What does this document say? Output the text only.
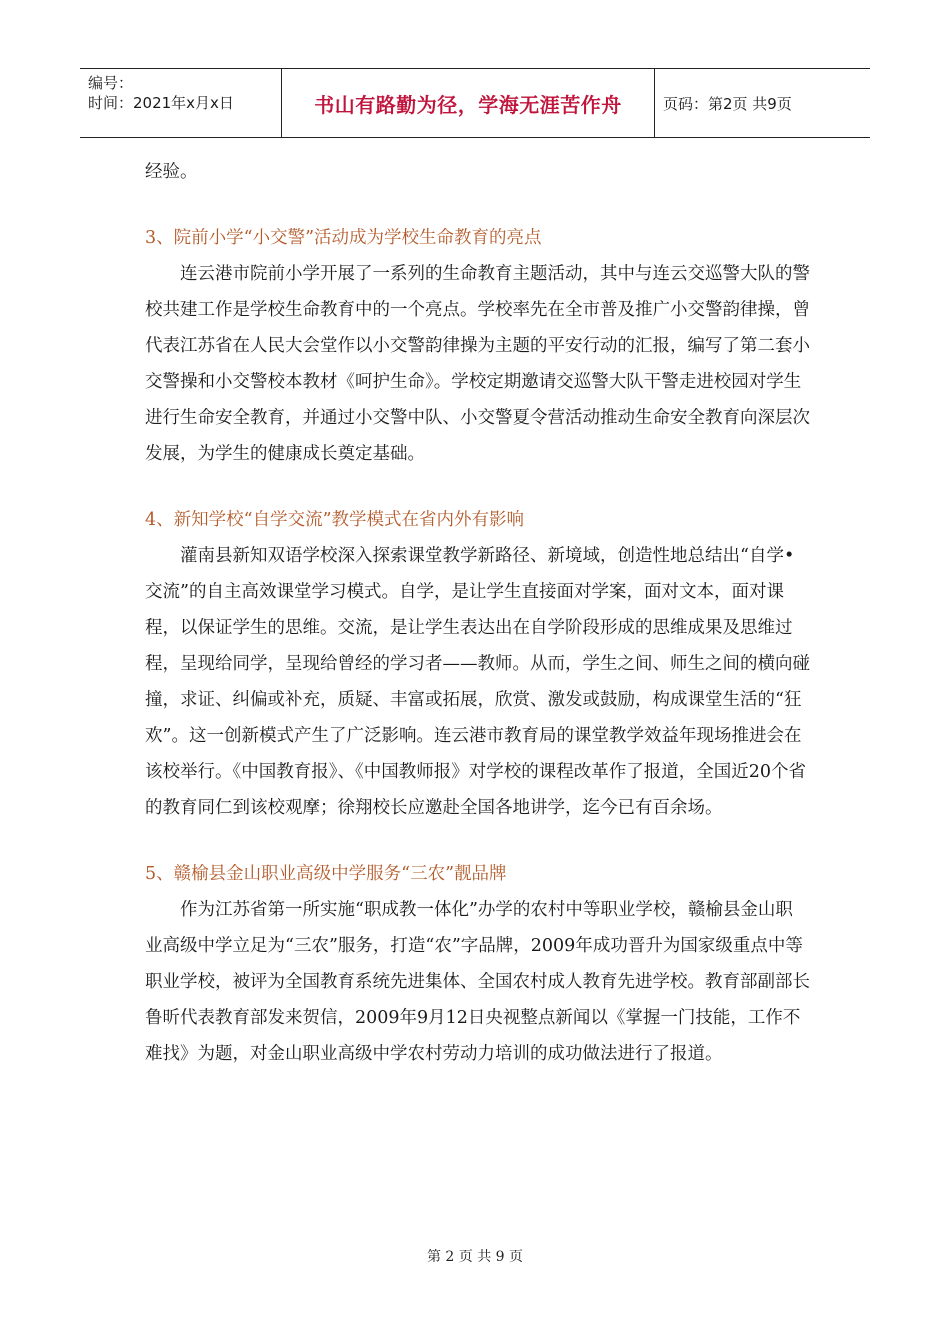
编号：
时间：2021年x月x日	书山有路勤为径，学海无涯苦作舟	页码：第2页 共9页

经验。

3、院前小学“小交警”活动成为学校生命教育的亮点

连云港市院前小学开展了一系列的生命教育主题活动，其中与连云交巡警大队的警校共建工作是学校生命教育中的一个亮点。学校率先在全市普及推广小交警韵律操，曾代表江苏省在人民大会堂作以小交警韵律操为主题的平安行动的汇报，编写了第二套小交警操和小交警校本教材《呵护生命》。学校定期邀请交巡警大队干警走进校园对学生进行生命安全教育，并通过小交警中队、小交警夏令营活动推动生命安全教育向深层次发展，为学生的健康成长奠定基础。

4、新知学校“自学交流”教学模式在省内外有影响

灌南县新知双语学校深入探索课堂教学新路径、新境域，创造性地总结出“自学•交流”的自主高效课堂学习模式。自学，是让学生直接面对学案，面对文本，面对课程，以保证学生的思维。交流，是让学生表达出在自学阶段形成的思维成果及思维过程，呈现给同学，呈现给曾经的学习者——教师。从而，学生之间、师生之间的横向碰撞，求证、纠偏或补充，质疑、丰富或拓展，欣赏、激发或鼓励，构成课堂生活的“狂欢”。这一创新模式产生了广泛影响。连云港市教育局的课堂教学效益年现场推进会在该校举行。《中国教育报》、《中国教师报》对学校的课程改革作了报道，全国近20个省的教育同仁到该校观摩；徐翔校长应邀赴全国各地讲学，迄今已有百余场。

5、赣榆县金山职业高级中学服务“三农”靓品牌

作为江苏省第一所实施“职成教一体化”办学的农村中等职业学校，赣榆县金山职业高级中学立足为“三农”服务，打造“农”字品牌，2009年成功晋升为国家级重点中等职业学校，被评为全国教育系统先进集体、全国农村成人教育先进学校。教育部副部长鲁昕代表教育部发来贺信，2009年9月12日央视整点新闻以《掌握一门技能，工作不难找》为题，对金山职业高级中学农村劳动力培训的成功做法进行了报道。

第 2 页 共 9 页
